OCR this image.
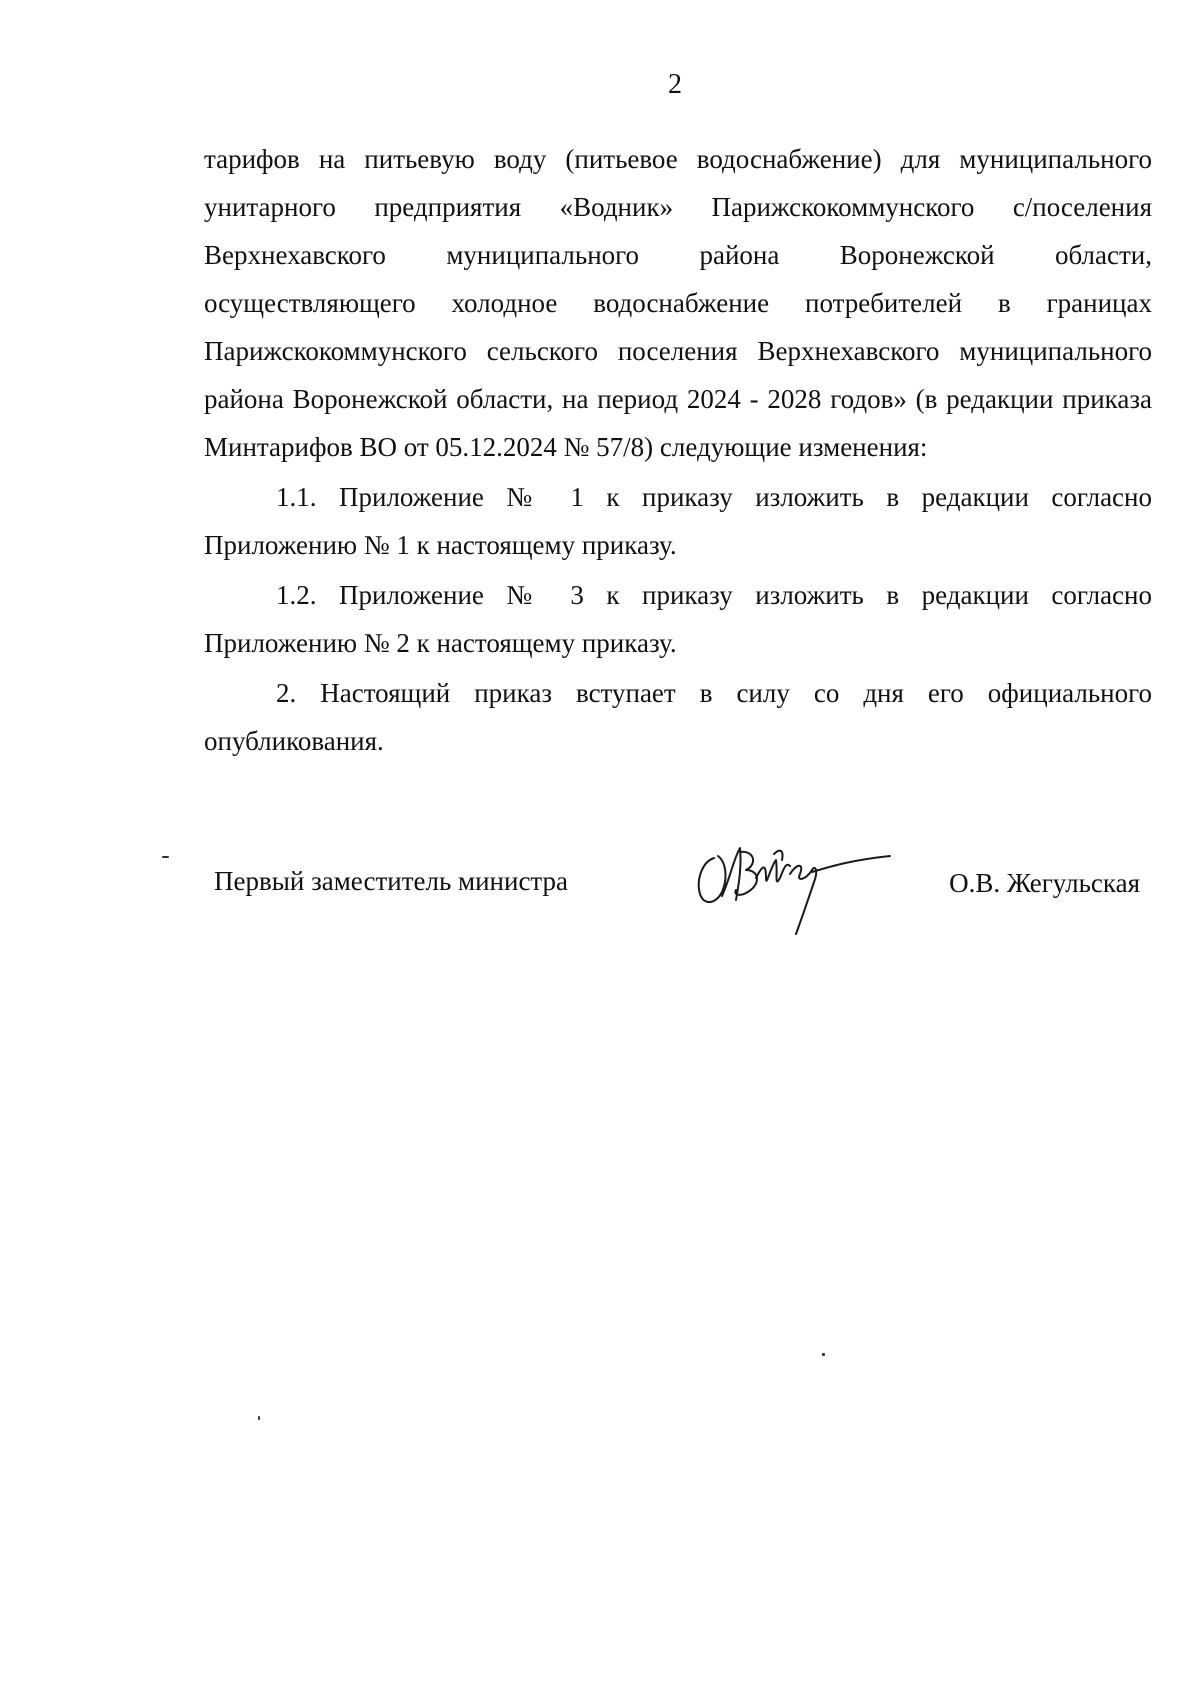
2

тарифов на питьевую воду (питьевое водоснабжение) для муниципального унитарного предприятия «Водник» Парижскокоммунского с/поселения Верхнехавского муниципального района Воронежской области, осуществляющего холодное водоснабжение потребителей в границах Парижскокоммунского сельского поселения Верхнехавского муниципального района Воронежской области, на период 2024 - 2028 годов» (в редакции приказа Минтарифов ВО от 05.12.2024 № 57/8) следующие изменения:

1.1. Приложение № 1 к приказу изложить в редакции согласно Приложению № 1 к настоящему приказу.

1.2. Приложение № 3 к приказу изложить в редакции согласно Приложению № 2 к настоящему приказу.

2. Настоящий приказ вступает в силу со дня его официального опубликования.

Первый заместитель министра	О.В. Жегульская
